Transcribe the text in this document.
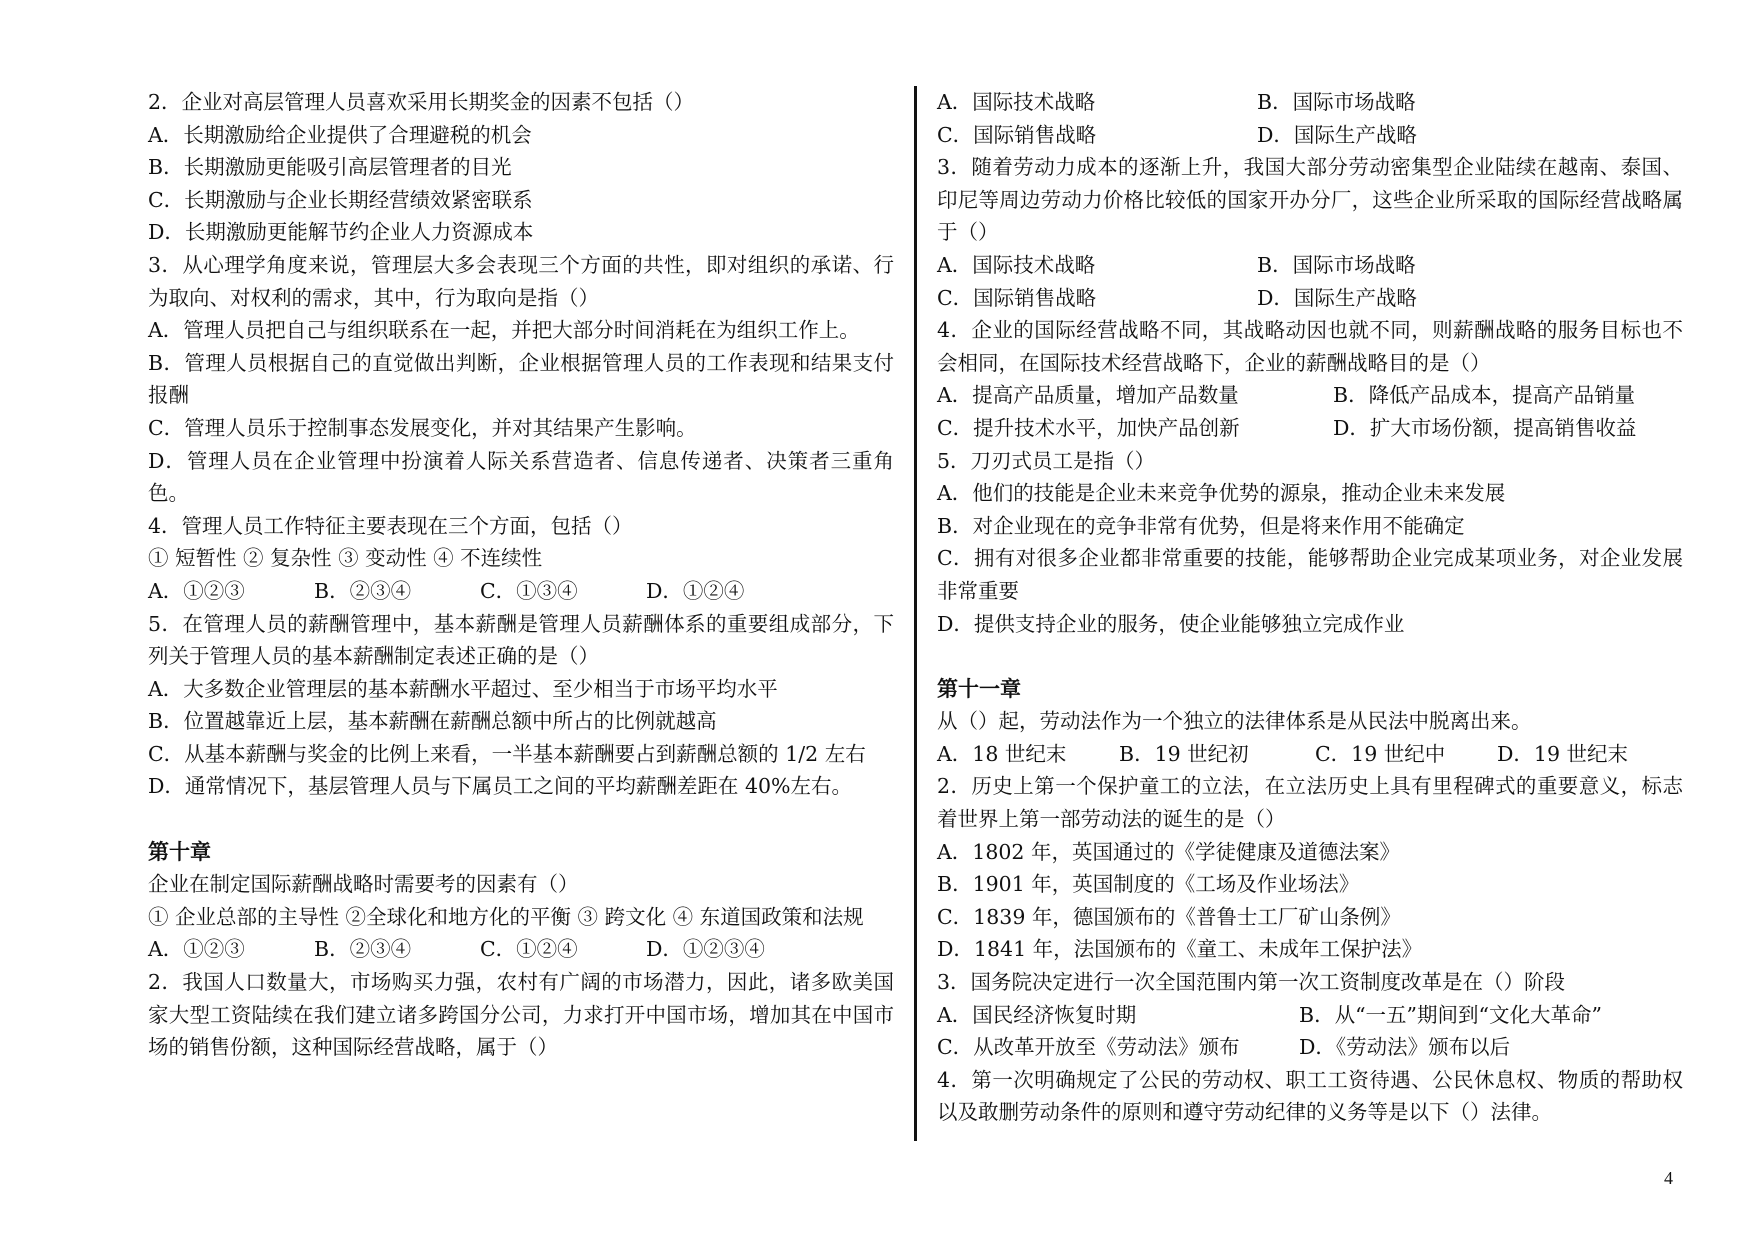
2．企业对高层管理人员喜欢采用长期奖金的因素不包括（）
A．长期激励给企业提供了合理避税的机会
B．长期激励更能吸引高层管理者的目光
C．长期激励与企业长期经营绩效紧密联系
D．长期激励更能解节约企业人力资源成本
3．从心理学角度来说，管理层大多会表现三个方面的共性，即对组织的承诺、行为取向、对权利的需求，其中，行为取向是指（）
A．管理人员把自己与组织联系在一起，并把大部分时间消耗在为组织工作上。
B．管理人员根据自己的直觉做出判断，企业根据管理人员的工作表现和结果支付报酬
C．管理人员乐于控制事态发展变化，并对其结果产生影响。
D．管理人员在企业管理中扮演着人际关系营造者、信息传递者、决策者三重角色。
4．管理人员工作特征主要表现在三个方面，包括（）
① 短暂性 ② 复杂性 ③ 变动性 ④ 不连续性
A．①②③	B．②③④	C．①③④	D．①②④
5．在管理人员的薪酬管理中，基本薪酬是管理人员薪酬体系的重要组成部分，下列关于管理人员的基本薪酬制定表述正确的是（）
A．大多数企业管理层的基本薪酬水平超过、至少相当于市场平均水平
B．位置越靠近上层，基本薪酬在薪酬总额中所占的比例就越高
C．从基本薪酬与奖金的比例上来看，一半基本薪酬要占到薪酬总额的 1/2 左右
D．通常情况下，基层管理人员与下属员工之间的平均薪酬差距在 40%左右。
第十章
企业在制定国际薪酬战略时需要考的因素有（）
① 企业总部的主导性 ②全球化和地方化的平衡 ③ 跨文化 ④ 东道国政策和法规
A．①②③	B．②③④	C．①②④	D．①②③④
2．我国人口数量大，市场购买力强，农村有广阔的市场潜力，因此，诸多欧美国家大型工资陆续在我们建立诸多跨国分公司，力求打开中国市场，增加其在中国市场的销售份额，这种国际经营战略，属于（）
A．国际技术战略	B．国际市场战略
C．国际销售战略	D．国际生产战略
3．随着劳动力成本的逐渐上升，我国大部分劳动密集型企业陆续在越南、泰国、印尼等周边劳动力价格比较低的国家开办分厂，这些企业所采取的国际经营战略属于（）
A．国际技术战略	B．国际市场战略
C．国际销售战略	D．国际生产战略
4．企业的国际经营战略不同，其战略动因也就不同，则薪酬战略的服务目标也不会相同，在国际技术经营战略下，企业的薪酬战略目的是（）
A．提高产品质量，增加产品数量	B．降低产品成本，提高产品销量
C．提升技术水平，加快产品创新	D．扩大市场份额，提高销售收益
5．刀刃式员工是指（）
A．他们的技能是企业未来竞争优势的源泉，推动企业未来发展
B．对企业现在的竞争非常有优势，但是将来作用不能确定
C．拥有对很多企业都非常重要的技能，能够帮助企业完成某项业务，对企业发展非常重要
D．提供支持企业的服务，使企业能够独立完成作业
第十一章
从（）起，劳动法作为一个独立的法律体系是从民法中脱离出来。
A．18 世纪末	B．19 世纪初	C．19 世纪中	D．19 世纪末
2．历史上第一个保护童工的立法，在立法历史上具有里程碑式的重要意义，标志着世界上第一部劳动法的诞生的是（）
A．1802 年，英国通过的《学徒健康及道德法案》
B．1901 年，英国制度的《工场及作业场法》
C．1839 年，德国颁布的《普鲁士工厂矿山条例》
D．1841 年，法国颁布的《童工、未成年工保护法》
3．国务院决定进行一次全国范围内第一次工资制度改革是在（）阶段
A．国民经济恢复时期	B．从“一五”期间到“文化大革命”
C．从改革开放至《劳动法》颁布	D．《劳动法》颁布以后
4．第一次明确规定了公民的劳动权、职工工资待遇、公民休息权、物质的帮助权以及敢删劳动条件的原则和遵守劳动纪律的义务等是以下（）法律。
4
